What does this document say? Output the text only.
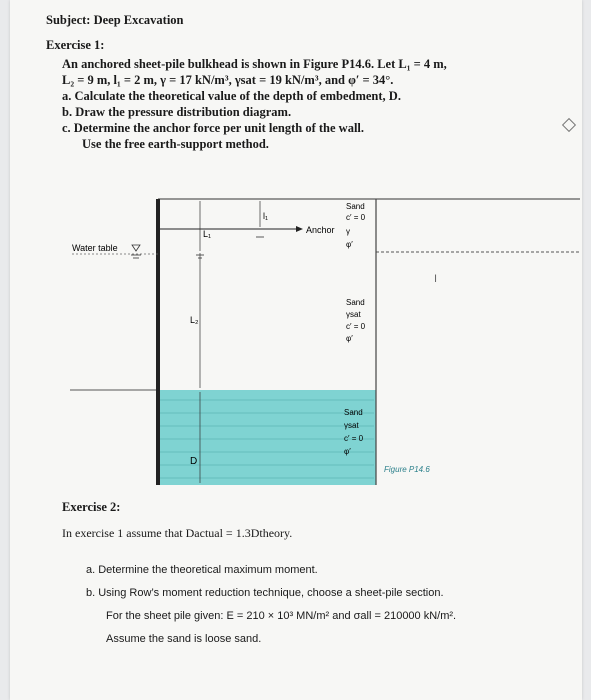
Subject: Deep Excavation
Exercise 1:

An anchored sheet-pile bulkhead is shown in Figure P14.6. Let L₁ = 4 m,

L₂ = 9 m, l₁ = 2 m, γ = 17 kN/m³, γsat = 19 kN/m³, and φ′ = 34°.

a. Calculate the theoretical value of the depth of embedment, D.

b. Draw the pressure distribution diagram.

c. Determine the anchor force per unit length of the wall.

Use the free earth-support method.

Anchor
l₁
L₁
L₂
D
Water table
Sand
c′ = 0
γ
φ′
Sand
γsat
c′ = 0
φ′
Sand
γsat
c′ = 0
φ′
Figure P14.6
I
Exercise 2:
In exercise 1 assume that Dactual = 1.3Dtheory.
a. Determine the theoretical maximum moment.
b. Using Row’s moment reduction technique, choose a sheet-pile section.
For the sheet pile given: E = 210 × 10³ MN/m² and σall = 210000 kN/m².
Assume the sand is loose sand.
